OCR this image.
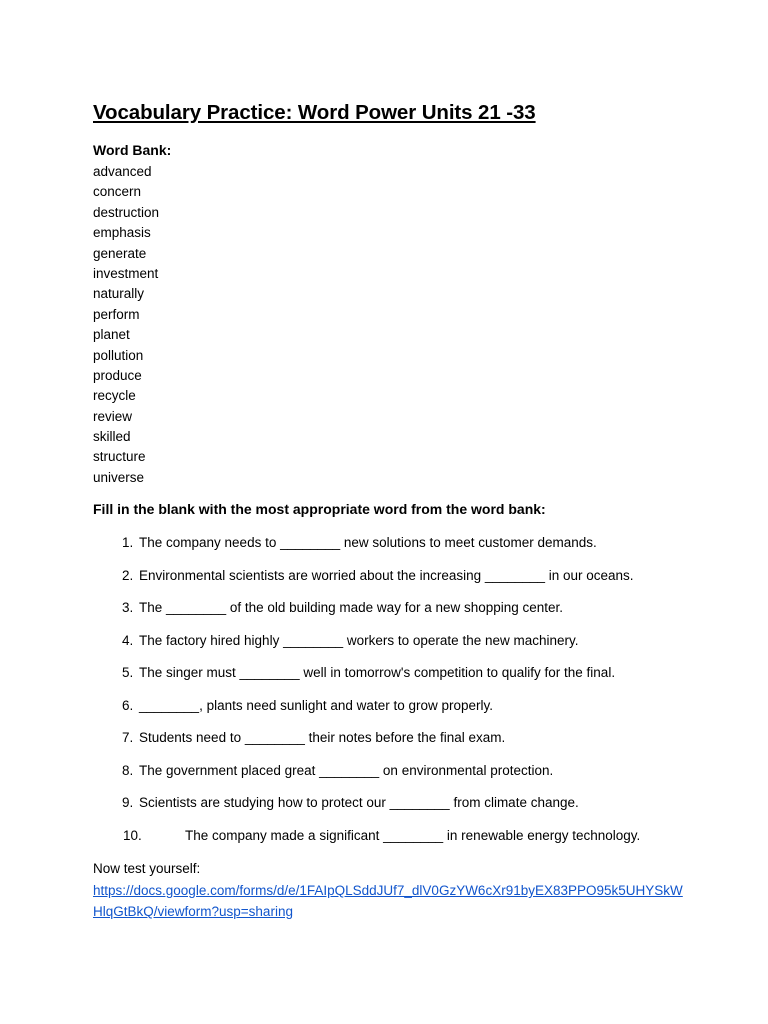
Vocabulary Practice: Word Power Units 21 -33
Word Bank:
advanced
concern
destruction
emphasis
generate
investment
naturally
perform
planet
pollution
produce
recycle
review
skilled
structure
universe
Fill in the blank with the most appropriate word from the word bank:
1. The company needs to ________ new solutions to meet customer demands.
2. Environmental scientists are worried about the increasing ________ in our oceans.
3. The ________ of the old building made way for a new shopping center.
4. The factory hired highly ________ workers to operate the new machinery.
5. The singer must ________ well in tomorrow's competition to qualify for the final.
6. ________, plants need sunlight and water to grow properly.
7. Students need to ________ their notes before the final exam.
8. The government placed great ________ on environmental protection.
9. Scientists are studying how to protect our ________ from climate change.
10.	The company made a significant ________ in renewable energy technology.
Now test yourself:
https://docs.google.com/forms/d/e/1FAIpQLSddJUf7_dlV0GzYW6cXr91byEX83PPO95k5UHYSkWHlqGtBkQ/viewform?usp=sharing
